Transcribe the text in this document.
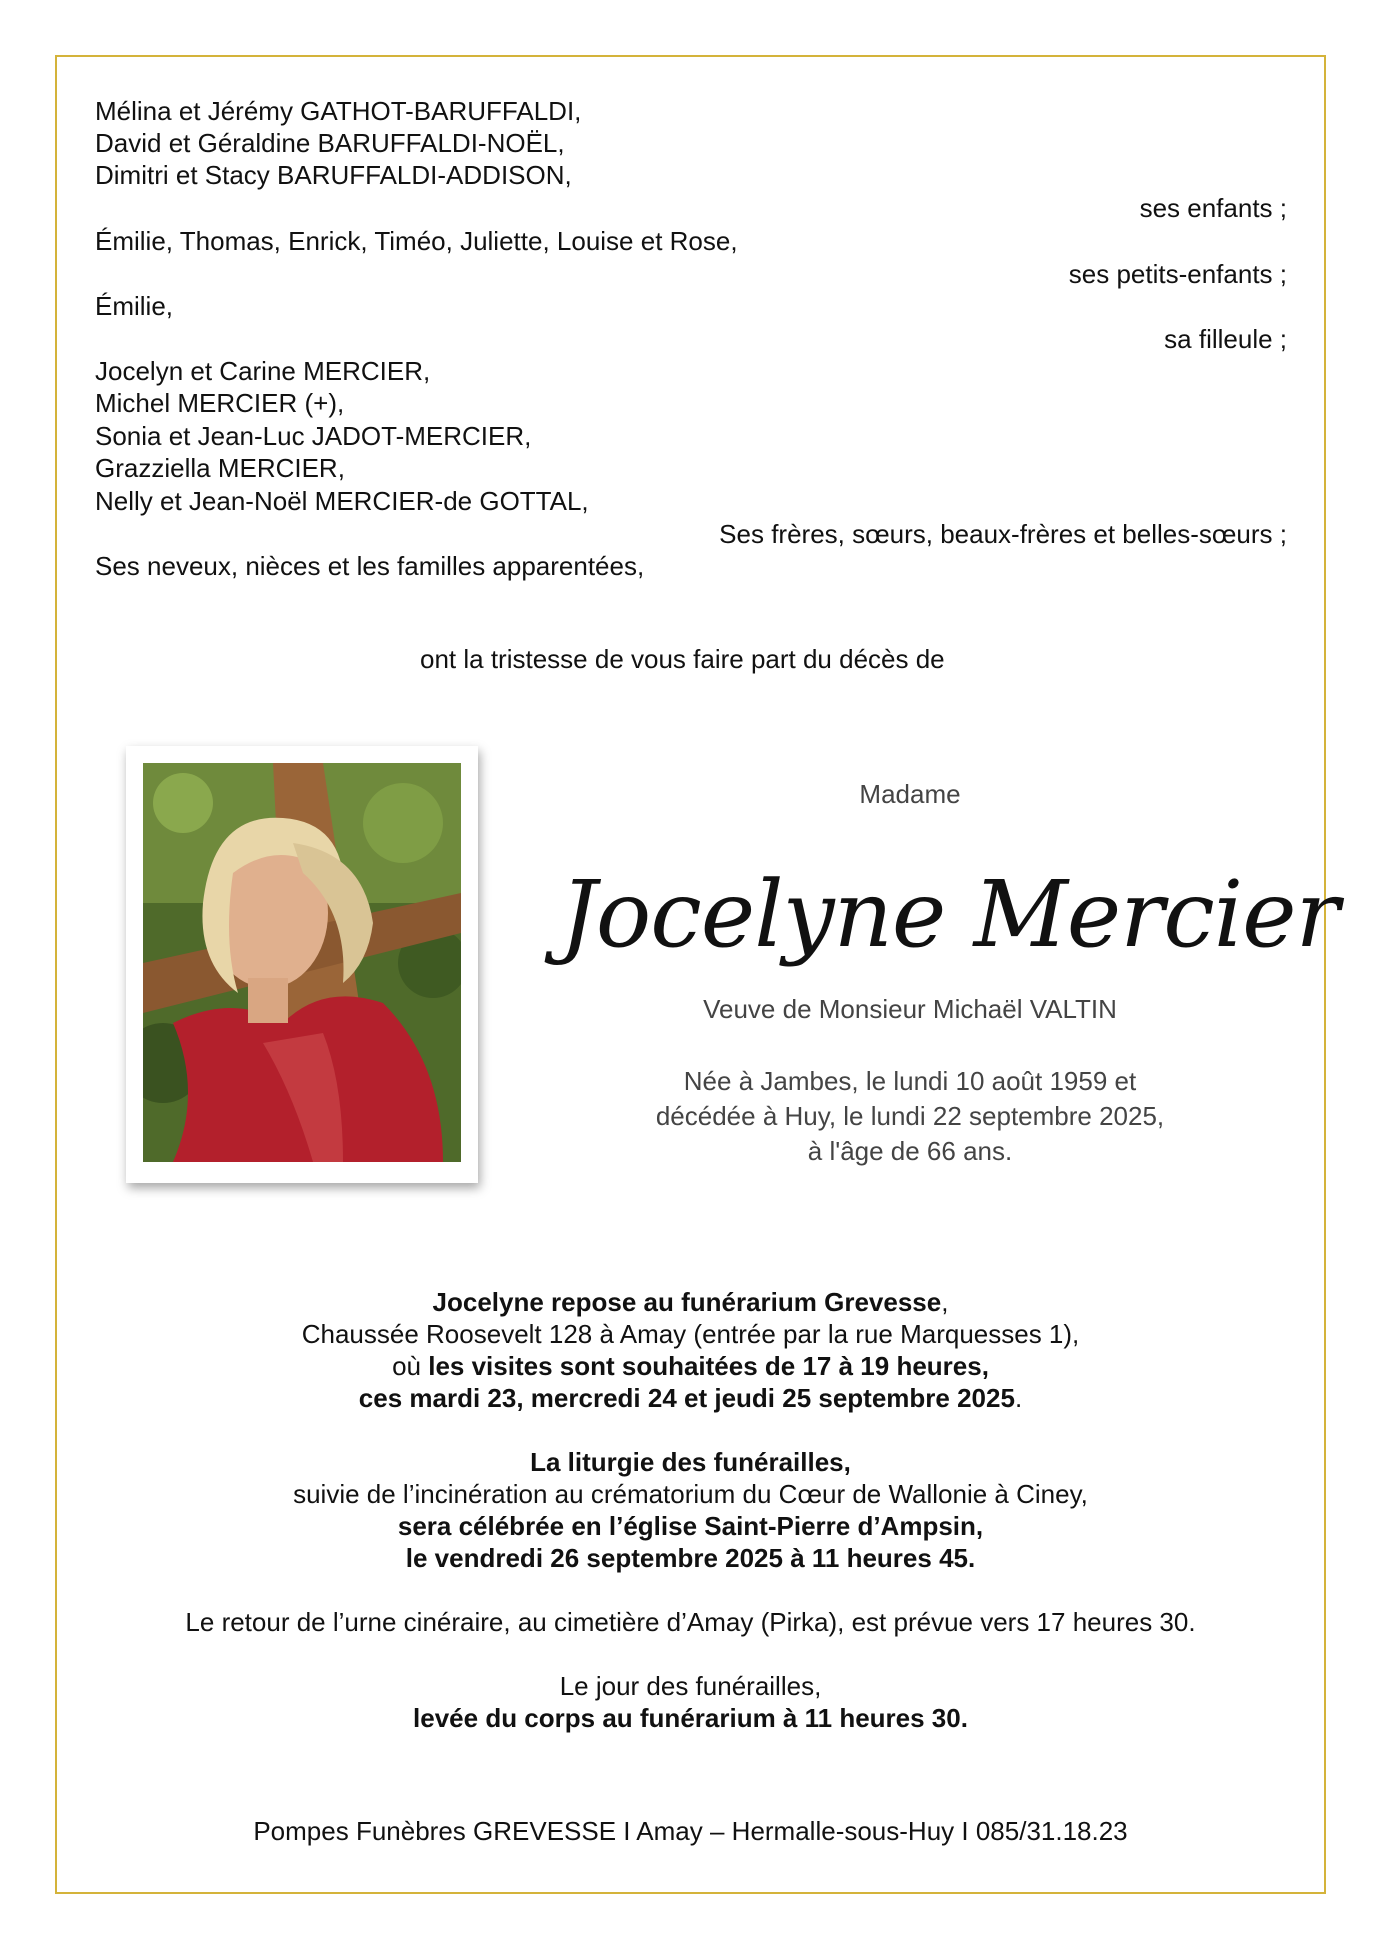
Mélina et Jérémy GATHOT-BARUFFALDI,
David et Géraldine BARUFFALDI-NOËL,
Dimitri et Stacy BARUFFALDI-ADDISON,
ses enfants ;
Émilie, Thomas, Enrick, Timéo, Juliette, Louise et Rose,
ses petits-enfants ;
Émilie,
sa filleule ;
Jocelyn et Carine MERCIER,
Michel MERCIER (+),
Sonia et Jean-Luc JADOT-MERCIER,
Grazziella MERCIER,
Nelly et Jean-Noël MERCIER-de GOTTAL,
Ses frères, sœurs, beaux-frères et belles-sœurs ;
Ses neveux, nièces et les familles apparentées,
ont la tristesse de vous faire part du décès de
Madame
Jocelyne Mercier
Veuve de Monsieur Michaël VALTIN
Née à Jambes, le lundi 10 août 1959 et
décédée à Huy, le lundi 22 septembre 2025,
à l'âge de 66 ans.
Jocelyne repose au funérarium Grevesse,
Chaussée Roosevelt 128 à Amay (entrée par la rue Marquesses 1),
où les visites sont souhaitées de 17 à 19 heures,
ces mardi 23, mercredi 24 et jeudi 25 septembre 2025.
La liturgie des funérailles,
suivie de l’incinération au crématorium du Cœur de Wallonie à Ciney,
sera célébrée en l’église Saint-Pierre d’Ampsin,
le vendredi 26 septembre 2025 à 11 heures 45.
Le retour de l’urne cinéraire, au cimetière d’Amay (Pirka), est prévue vers 17 heures 30.
Le jour des funérailles,
levée du corps au funérarium à 11 heures 30.
Pompes Funèbres GREVESSE I Amay – Hermalle-sous-Huy I 085/31.18.23
